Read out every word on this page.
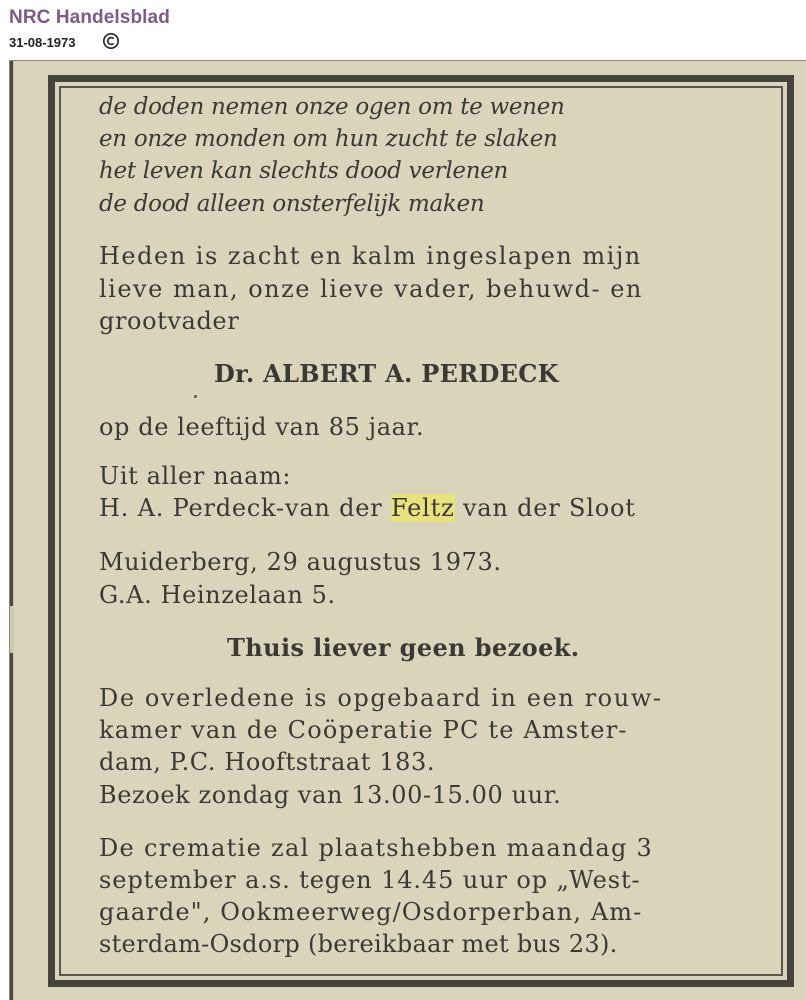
NRC Handelsblad
31-08-1973
de doden nemen onze ogen om te wenen
en onze monden om hun zucht te slaken
het leven kan slechts dood verlenen
de dood alleen onsterfelijk maken
Heden is zacht en kalm ingeslapen mijn
lieve man, onze lieve vader, behuwd- en
grootvader
Dr. ALBERT A. PERDECK
op de leeftijd van 85 jaar.
Uit aller naam:
H. A. Perdeck-van der Feltz van der Sloot
Muiderberg, 29 augustus 1973.
G.A. Heinzelaan 5.
Thuis liever geen bezoek.
De overledene is opgebaard in een rouw-
kamer van de Coöperatie PC te Amster-
dam, P.C. Hooftstraat 183.
Bezoek zondag van 13.00-15.00 uur.
De crematie zal plaatshebben maandag 3
september a.s. tegen 14.45 uur op „West-
gaarde", Ookmeerweg/Osdorperban, Am-
sterdam-Osdorp (bereikbaar met bus 23).
